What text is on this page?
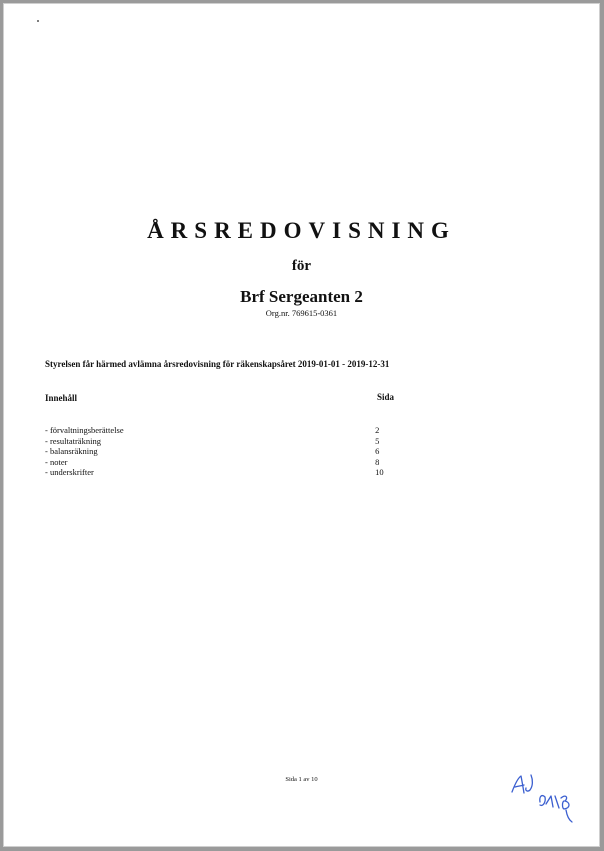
ÅRSREDOVISNING
för
Brf Sergeanten 2
Org.nr. 769615-0361
Styrelsen får härmed avlämna årsredovisning för räkenskapsåret 2019-01-01 - 2019-12-31
Innehåll	Sida
- förvaltningsberättelse	2
- resultaträkning	5
- balansräkning	6
- noter	8
- underskrifter	10
Sida 1 av 10
